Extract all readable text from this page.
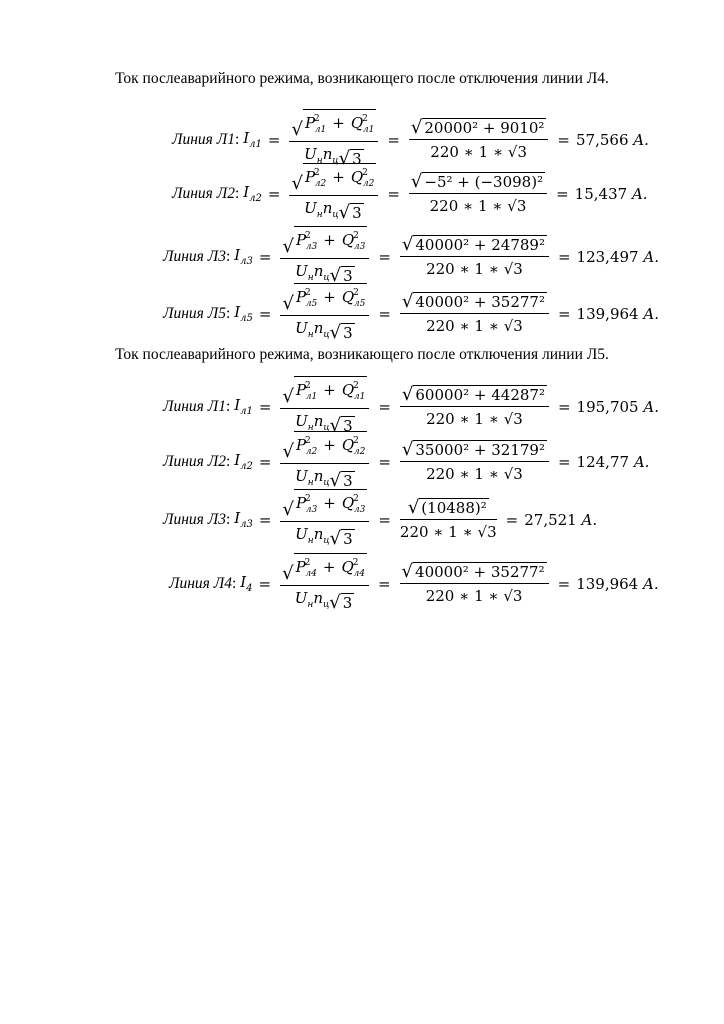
Ток послеаварийного режима, возникающего после отключения линии Л4.
Линия Л1: $I_{л1} = \frac{√ P^2_{л1} + Q^2_{л1}}{U_н n_ц √ 3} = \frac{\text{√ 20000² + 9010²}}{220 ∗ 1 ∗ √3} = 57,566$
A.
Линия Л2: $I_{л2} = \frac{√ P^2_{л2} + Q^2_{л2}}{U_н n_ц √ 3} = \frac{\text{√ −5² + (−3098)²}}{220 ∗ 1 ∗ √3} = 15,437$
A.
Линия Л3: $I_{л3} = \frac{√ P^2_{л3} + Q^2_{л3}}{U_н n_ц √ 3} = \frac{\text{√ 40000² + 24789²}}{220 ∗ 1 ∗ √3} = 123,497$
A.
Линия Л5: $I_{л5} = \frac{√ P^2_{л5} + Q^2_{л5}}{U_н n_ц √ 3} = \frac{\text{√ 40000² + 35277²}}{220 ∗ 1 ∗ √3} = 139,964$
A.
Ток послеаварийного режима, возникающего после отключения линии Л5.
Линия Л1: $I_{л1} = \frac{√ P^2_{л1} + Q^2_{л1}}{U_н n_ц √ 3} = \frac{\text{√ 60000² + 44287²}}{220 ∗ 1 ∗ √3} = 195,705$
A.
Линия Л2: $I_{л2} = \frac{√ P^2_{л2} + Q^2_{л2}}{U_н n_ц √ 3} = \frac{\text{√ 35000² + 32179²}}{220 ∗ 1 ∗ √3} = 124,77$
A.
Линия Л3: $I_{л3} = \frac{√ P^2_{л3} + Q^2_{л3}}{U_н n_ц √ 3} = \frac{\text{√ (10488)²}}{220 ∗ 1 ∗ √3} = 27,521$
A.
Линия Л4: $I_4 = \frac{√ P^2_{л4} + Q^2_{л4}}{U_н n_ц √ 3} = \frac{\text{√ 40000² + 35277²}}{220 ∗ 1 ∗ √3} = 139,964$
A.
